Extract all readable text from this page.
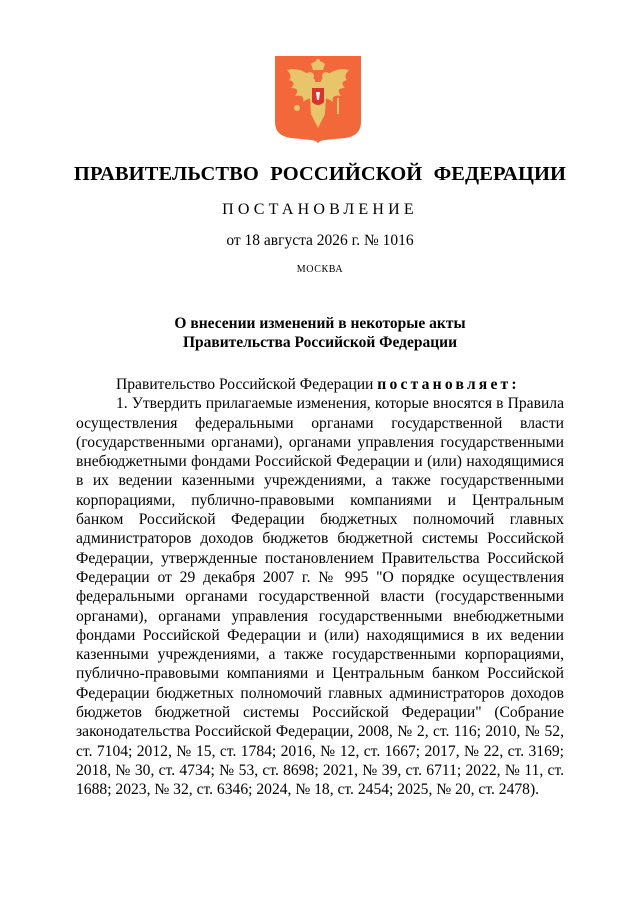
ПРАВИТЕЛЬСТВО РОССИЙСКОЙ ФЕДЕРАЦИИ
ПОСТАНОВЛЕНИЕ
от 18 августа 2026 г. № 1016
МОСКВА
О внесении изменений в некоторые акты
Правительства Российской Федерации

Правительство Российской Федерации постановляет:

1. Утвердить прилагаемые изменения, которые вносятся в Правила осуществления федеральными органами государственной власти (государственными органами), органами управления государственными внебюджетными фондами Российской Федерации и (или) находящимися в их ведении казенными учреждениями, а также государственными корпорациями, публично-правовыми компаниями и Центральным банком Российской Федерации бюджетных полномочий главных администраторов доходов бюджетов бюджетной системы Российской Федерации, утвержденные постановлением Правительства Российской Федерации от 29 декабря 2007 г. № 995 "О порядке осуществления федеральными органами государственной власти (государственными органами), органами управления государственными внебюджетными фондами Российской Федерации и (или) находящимися в их ведении казенными учреждениями, а также государственными корпорациями, публично-правовыми компаниями и Центральным банком Российской Федерации бюджетных полномочий главных администраторов доходов бюджетов бюджетной системы Российской Федерации" (Собрание законодательства Российской Федерации, 2008, № 2, ст. 116; 2010, № 52, ст. 7104; 2012, № 15, ст. 1784; 2016, № 12, ст. 1667; 2017, № 22, ст. 3169; 2018, № 30, ст. 4734; № 53, ст. 8698; 2021, № 39, ст. 6711; 2022, № 11, ст. 1688; 2023, № 32, ст. 6346; 2024, № 18, ст. 2454; 2025, № 20, ст. 2478).
